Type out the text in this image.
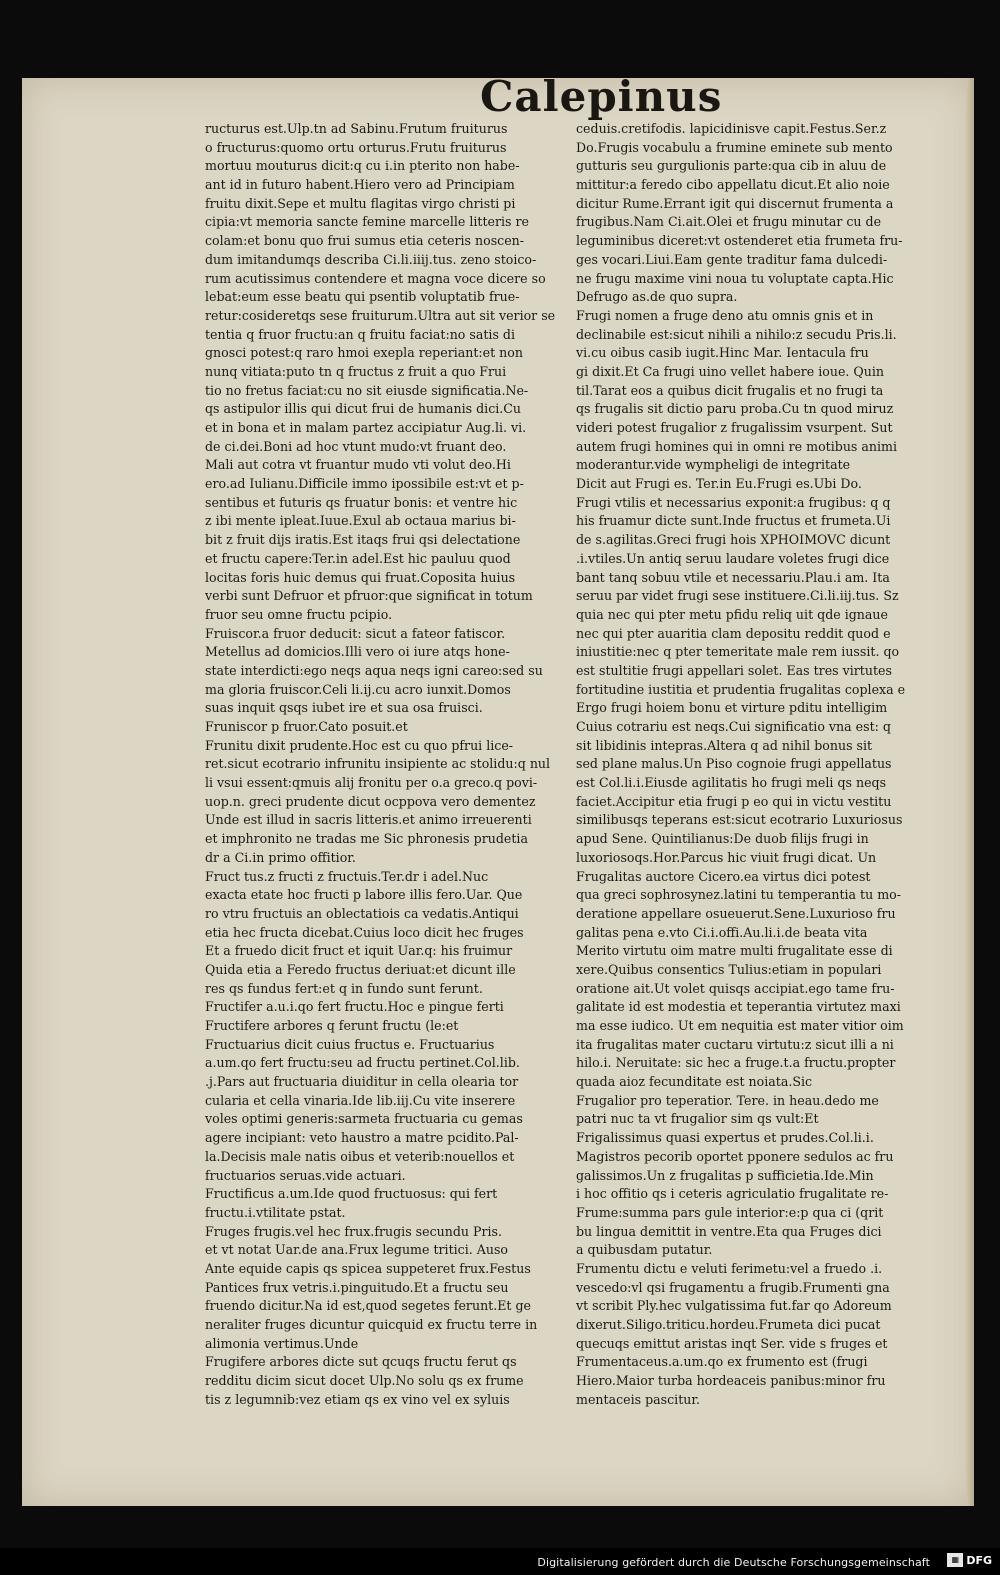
Calepinus
ructurus est.Ulp.tn ad Sabinu.Frutum fruiturus
o fructurus:quomo ortu orturus.Frutu fruiturus
mortuu mouturus dicit:q cu i.in pterito non habe-
ant id in futuro habent.Hiero vero ad Principiam
fruitu dixit.Sepe et multu flagitas virgo christi pi
cipia:vt memoria sancte femine marcelle litteris re
colam:et bonu quo frui sumus etia ceteris noscen-
dum imitandumqs describa Ci.li.iiij.tus. zeno stoico-
rum acutissimus contendere et magna voce dicere so
lebat:eum esse beatu qui psentib voluptatib frue-
retur:cosideretqs sese fruiturum.Ultra aut sit verior se
tentia q fruor fructu:an q fruitu faciat:no satis di
gnosci potest:q raro hmoi exepla reperiant:et non
nunq vitiata:puto tn q fructus z fruit a quo Frui
tio no fretus faciat:cu no sit eiusde significatia.Ne-
qs astipulor illis qui dicut frui de humanis dici.Cu
et in bona et in malam partez accipiatur Aug.li. vi.
de ci.dei.Boni ad hoc vtunt mudo:vt fruant deo.
Mali aut cotra vt fruantur mudo vti volut deo.Hi
ero.ad Iulianu.Difficile immo ipossibile est:vt et p-
sentibus et futuris qs fruatur bonis: et ventre hic
z ibi mente ipleat.Iuue.Exul ab octaua marius bi-
bit z fruit dijs iratis.Est itaqs frui qsi delectatione
et fructu capere:Ter.in adel.Est hic pauluu quod
locitas foris huic demus qui fruat.Coposita huius
verbi sunt Defruor et pfruor:que significat in totum
fruor seu omne fructu pcipio.
Fruiscor.a fruor deducit: sicut a fateor fatiscor.
Metellus ad domicios.Illi vero oi iure atqs hone-
state interdicti:ego neqs aqua neqs igni careo:sed su
ma gloria fruiscor.Celi li.ij.cu acro iunxit.Domos
suas inquit qsqs iubet ire et sua osa fruisci.
Fruniscor p fruor.Cato posuit.et
Frunitu dixit prudente.Hoc est cu quo pfrui lice-
ret.sicut ecotrario infrunitu insipiente ac stolidu:q nul
li vsui essent:qmuis alij fronitu per o.a greco.q povi-
uop.n. greci prudente dicut ocppova vero dementez
Unde est illud in sacris litteris.et animo irreuerenti
et imphronito ne tradas me Sic phronesis prudetia
dr a Ci.in primo offitior.
Fruct tus.z fructi z fructuis.Ter.dr i adel.Nuc
exacta etate hoc fructi p labore illis fero.Uar. Que
ro vtru fructuis an oblectatiois ca vedatis.Antiqui
etia hec fructa dicebat.Cuius loco dicit hec fruges
Et a fruedo dicit fruct et iquit Uar.q: his fruimur
Quida etia a Feredo fructus deriuat:et dicunt ille
res qs fundus fert:et q in fundo sunt ferunt.
Fructifer a.u.i.qo fert fructu.Hoc e pingue ferti
Fructifere arbores q ferunt fructu (le:et
Fructuarius dicit cuius fructus e. Fructuarius
a.um.qo fert fructu:seu ad fructu pertinet.Col.lib.
.j.Pars aut fructuaria diuiditur in cella olearia tor
cularia et cella vinaria.Ide lib.iij.Cu vite inserere
voles optimi generis:sarmeta fructuaria cu gemas
agere incipiant: veto haustro a matre pcidito.Pal-
la.Decisis male natis oibus et veterib:nouellos et
fructuarios seruas.vide actuari.
Fructificus a.um.Ide quod fructuosus: qui fert
fructu.i.vtilitate pstat.
Fruges frugis.vel hec frux.frugis secundu Pris.
et vt notat Uar.de ana.Frux legume tritici. Auso
Ante equide capis qs spicea suppeteret frux.Festus
Pantices frux vetris.i.pinguitudo.Et a fructu seu
fruendo dicitur.Na id est,quod segetes ferunt.Et ge
neraliter fruges dicuntur quicquid ex fructu terre in
alimonia vertimus.Unde
Frugifere arbores dicte sut qcuqs fructu ferut qs
redditu dicim sicut docet Ulp.No solu qs ex frume
tis z legumnib:vez etiam qs ex vino vel ex syluis
ceduis.cretifodis. lapicidinisve capit.Festus.Ser.z
Do.Frugis vocabulu a frumine eminete sub mento
gutturis seu gurgulionis parte:qua cib in aluu de
mittitur:a feredo cibo appellatu dicut.Et alio noie
dicitur Rume.Errant igit qui discernut frumenta a
frugibus.Nam Ci.ait.Olei et frugu minutar cu de
leguminibus diceret:vt ostenderet etia frumeta fru-
ges vocari.Liui.Eam gente traditur fama dulcedi-
ne frugu maxime vini noua tu voluptate capta.Hic
Defrugo as.de quo supra.
Frugi nomen a fruge deno atu omnis gnis et in
declinabile est:sicut nihili a nihilo:z secudu Pris.li.
vi.cu oibus casib iugit.Hinc Mar. Ientacula fru
gi dixit.Et Ca frugi uino vellet habere ioue. Quin
til.Tarat eos a quibus dicit frugalis et no frugi ta
qs frugalis sit dictio paru proba.Cu tn quod miruz
videri potest frugalior z frugalissim vsurpent. Sut
autem frugi homines qui in omni re motibus animi
moderantur.vide wympheligi de integritate
Dicit aut Frugi es. Ter.in Eu.Frugi es.Ubi Do.
Frugi vtilis et necessarius exponit:a frugibus: q q
his fruamur dicte sunt.Inde fructus et frumeta.Ui
de s.agilitas.Greci frugi hois XPHOIMOVC dicunt
.i.vtiles.Un antiq seruu laudare voletes frugi dice
bant tanq sobuu vtile et necessariu.Plau.i am. Ita
seruu par videt frugi sese instituere.Ci.li.iij.tus. Sz
quia nec qui pter metu pfidu reliq uit qde ignaue
nec qui pter auaritia clam depositu reddit quod e
iniustitie:nec q pter temeritate male rem iussit. qo
est stultitie frugi appellari solet. Eas tres virtutes
fortitudine iustitia et prudentia frugalitas coplexa e
Ergo frugi hoiem bonu et virture pditu intelligim
Cuius cotrariu est neqs.Cui significatio vna est: q
sit libidinis intepras.Altera q ad nihil bonus sit
sed plane malus.Un Piso cognoie frugi appellatus
est Col.li.i.Eiusde agilitatis ho frugi meli qs neqs
faciet.Accipitur etia frugi p eo qui in victu vestitu
similibusqs teperans est:sicut ecotrario Luxuriosus
apud Sene. Quintilianus:De duob filijs frugi in
luxoriosoqs.Hor.Parcus hic viuit frugi dicat. Un
Frugalitas auctore Cicero.ea virtus dici potest
qua greci sophrosynez.latini tu temperantia tu mo-
deratione appellare osueuerut.Sene.Luxurioso fru
galitas pena e.vto Ci.i.offi.Au.li.i.de beata vita
Merito virtutu oim matre multi frugalitate esse di
xere.Quibus consentics Tulius:etiam in populari
oratione ait.Ut volet quisqs accipiat.ego tame fru-
galitate id est modestia et teperantia virtutez maxi
ma esse iudico. Ut em nequitia est mater vitior oim
ita frugalitas mater cuctaru virtutu:z sicut illi a ni
hilo.i. Neruitate: sic hec a fruge.t.a fructu.propter
quada aioz fecunditate est noiata.Sic
Frugalior pro teperatior. Tere. in heau.dedo me
patri nuc ta vt frugalior sim qs vult:Et
Frigalissimus quasi expertus et prudes.Col.li.i.
Magistros pecorib oportet pponere sedulos ac fru
galissimos.Un z frugalitas p sufficietia.Ide.Min
i hoc offitio qs i ceteris agriculatio frugalitate re-
Frume:summa pars gule interior:e:p qua ci (qrit
bu lingua demittit in ventre.Eta qua Fruges dici
a quibusdam putatur.
Frumentu dictu e veluti ferimetu:vel a fruedo .i.
vescedo:vl qsi frugamentu a frugib.Frumenti gna
vt scribit Ply.hec vulgatissima fut.far qo Adoreum
dixerut.Siligo.triticu.hordeu.Frumeta dici pucat
quecuqs emittut aristas inqt Ser. vide s fruges et
Frumentaceus.a.um.qo ex frumento est (frugi
Hiero.Maior turba hordeaceis panibus:minor fru
mentaceis pascitur.
Digitalisierung gefördert durch die Deutsche Forschungsgemeinschaft	▦ DFG
